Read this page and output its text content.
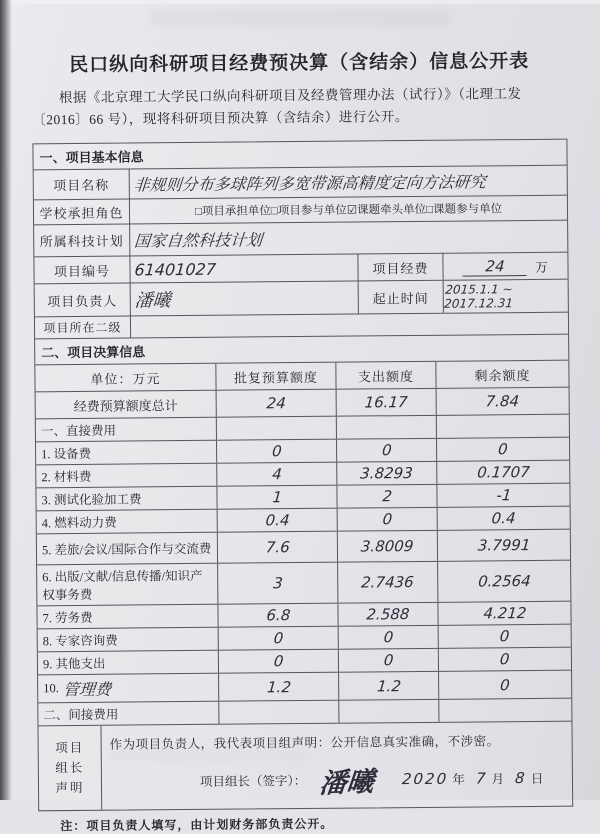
民口纵向科研项目经费预决算（含结余）信息公开表
根据《北京理工大学民口纵向科研项目及经费管理办法（试行）》（北理工发〔2016〕66 号），现将科研项目预决算（含结余）进行公开。
一、项目基本信息
项目名称	非规则分布多球阵列多宽带源高精度定向方法研究
学校承担角色	□项目承担单位□项目参与单位☑课题牵头单位□课题参与单位
所属科技计划 国家自然科技计划
项目编号	61401027	项目经费	24	万
项目负责人 潘曦	起止时间
2015.1.1 ~ 2017.12.31
项目所在二级
二、项目决算信息
单位：万元	批复预算额度	支出额度	剩余额度
经费预算额度总计	24	16.17	7.84
一、直接费用
1. 设备费	0	0	0
2. 材料费	4	3.8293	0.1707
3. 测试化验加工费	1	2	-1
4. 燃料动力费	0.4	0	0.4
5. 差旅/会议/国际合作与交流费	7.6	3.8009	3.7991
6. 出版/文献/信息传播/知识产权事务费
3	2.7436	0.2564
7. 劳务费	6.8	2.588	4.212
8. 专家咨询费	0	0	0
9. 其他支出	0	0	0
10. 管理费	1.2	1.2	0
二、间接费用
项目
组长
声明
作为项目负责人，我代表项目组声明：公开信息真实准确，不涉密。
项目组长（签字）： 潘曦 2020 年 7 月 8 日
注：项目负责人填写，由计划财务部负责公开。
